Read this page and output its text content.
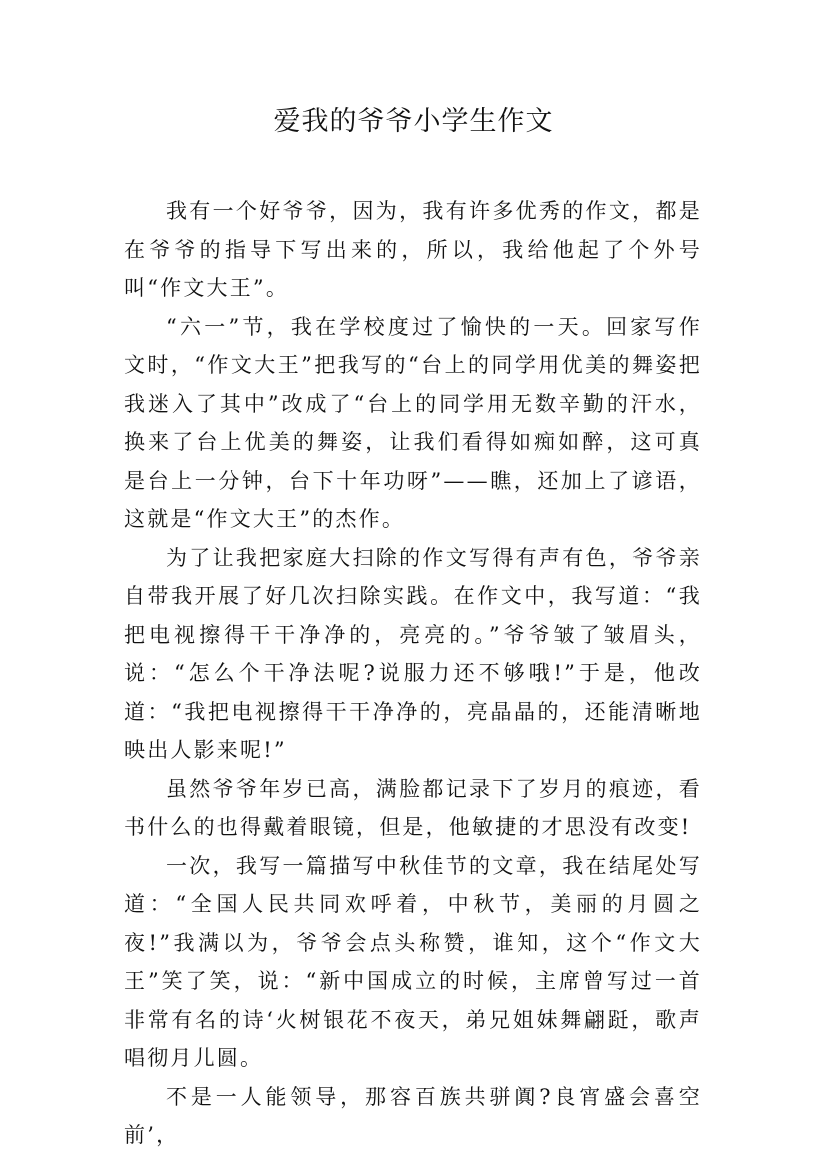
爱我的爷爷小学生作文

我有一个好爷爷，因为，我有许多优秀的作文，都是在爷爷的指导下写出来的，所以，我给他起了个外号叫“作文大王”。

“六一”节，我在学校度过了愉快的一天。回家写作文时，“作文大王”把我写的“台上的同学用优美的舞姿把我迷入了其中”改成了“台上的同学用无数辛勤的汗水，换来了台上优美的舞姿，让我们看得如痴如醉，这可真是台上一分钟，台下十年功呀”——瞧，还加上了谚语，这就是“作文大王”的杰作。

为了让我把家庭大扫除的作文写得有声有色，爷爷亲自带我开展了好几次扫除实践。在作文中，我写道：“我把电视擦得干干净净的，亮亮的。”爷爷皱了皱眉头，说：“怎么个干净法呢?说服力还不够哦!”于是，他改道：“我把电视擦得干干净净的，亮晶晶的，还能清晰地映出人影来呢!”

虽然爷爷年岁已高，满脸都记录下了岁月的痕迹，看书什么的也得戴着眼镜，但是，他敏捷的才思没有改变!

一次，我写一篇描写中秋佳节的文章，我在结尾处写道：“全国人民共同欢呼着，中秋节，美丽的月圆之夜!”我满以为，爷爷会点头称赞，谁知，这个“作文大王”笑了笑，说：“新中国成立的时候，主席曾写过一首非常有名的诗‘火树银花不夜天，弟兄姐妹舞翩跹，歌声唱彻月儿圆。

不是一人能领导，那容百族共骈阗?良宵盛会喜空前’，
